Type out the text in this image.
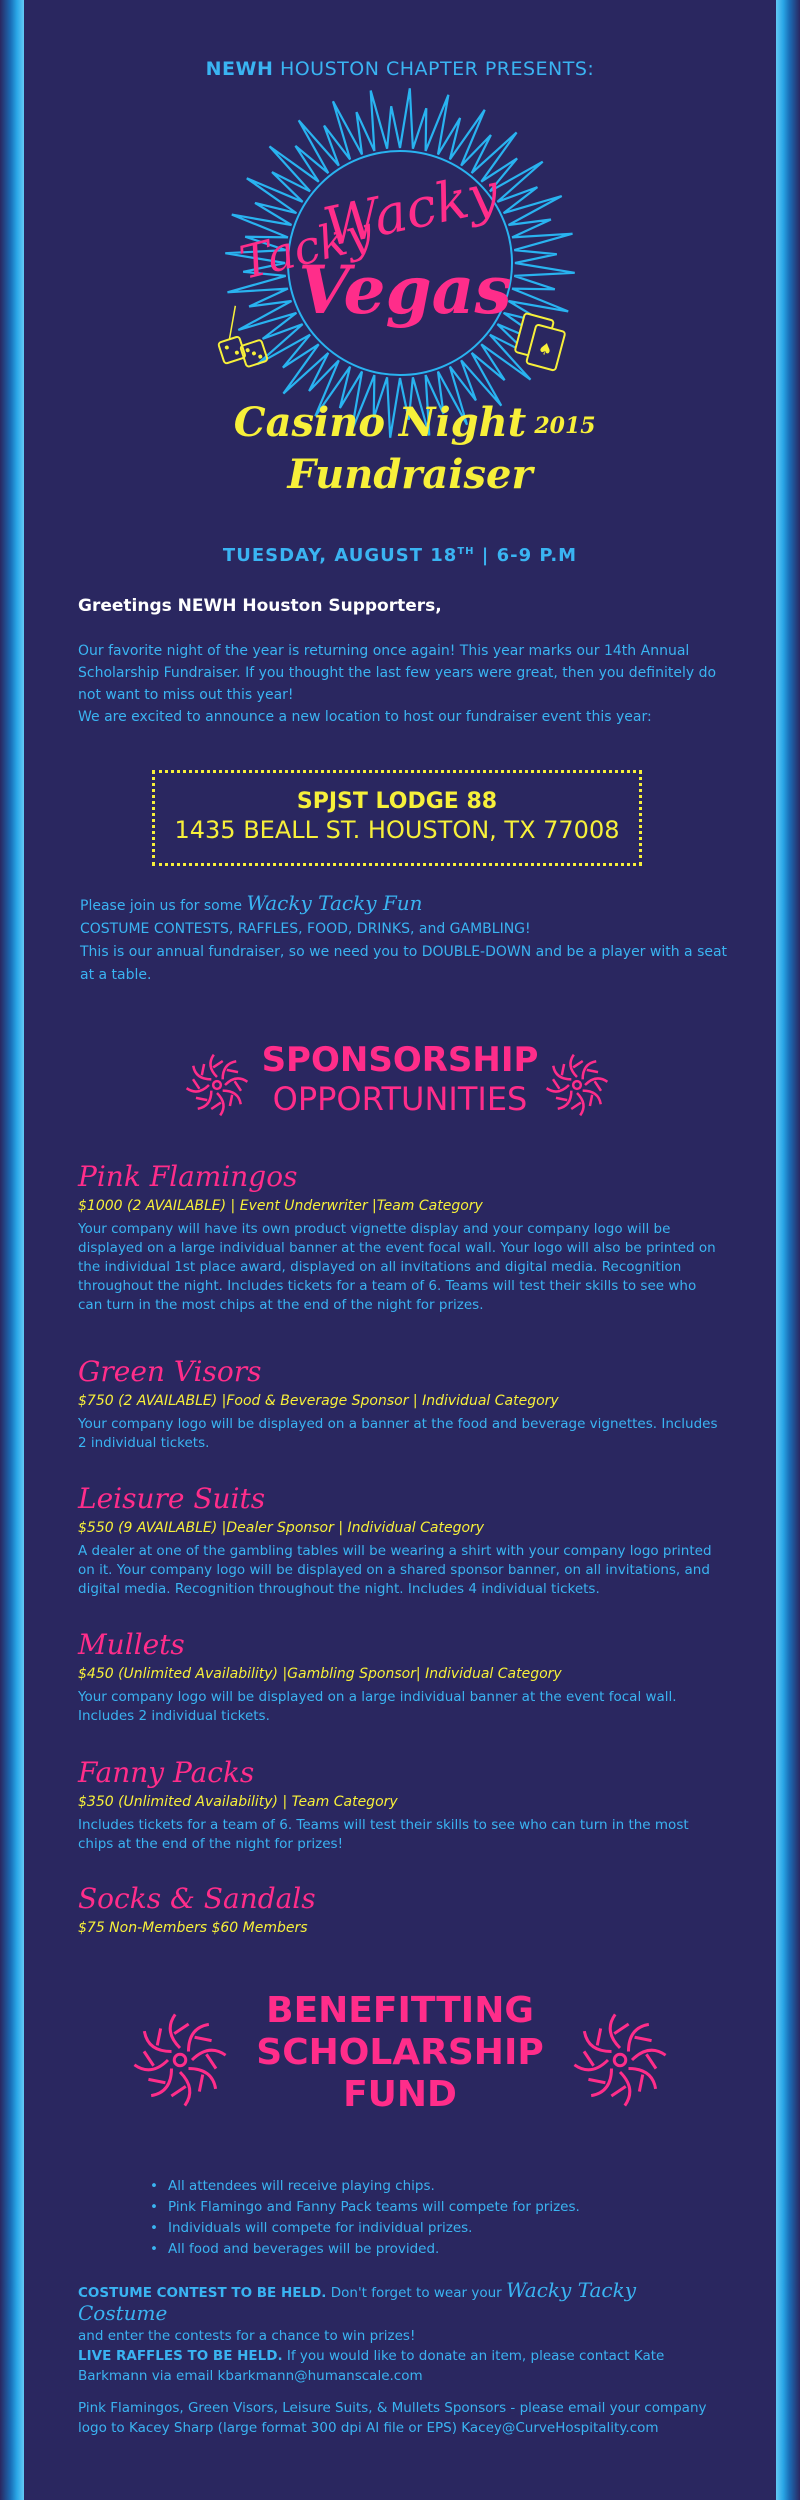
NEWH HOUSTON CHAPTER PRESENTS:
Wacky
Tacky
Vegas
♠
Casino Night 2015
Fundraiser
TUESDAY, AUGUST 18TH | 6-9 P.M
Greetings NEWH Houston Supporters,

Our favorite night of the year is returning once again! This year marks our 14th Annual Scholarship Fundraiser. If you thought the last few years were great, then you definitely do not want to miss out this year!

We are excited to announce a new location to host our fundraiser event this year:

SPJST LODGE 88
1435 BEALL ST. HOUSTON, TX 77008

Please join us for some Wacky Tacky Fun

COSTUME CONTESTS, RAFFLES, FOOD, DRINKS, and GAMBLING!

This is our annual fundraiser, so we need you to DOUBLE-DOWN and be a player with a seat at a table.

SPONSORSHIP
OPPORTUNITIES
Pink Flamingos
$1000 (2 AVAILABLE) | Event Underwriter |Team Category
Your company will have its own product vignette display and your company logo will be displayed on a large individual banner at the event focal wall. Your logo will also be printed on the individual 1st place award, displayed on all invitations and digital media. Recognition throughout the night. Includes tickets for a team of 6. Teams will test their skills to see who can turn in the most chips at the end of the night for prizes.
Green Visors
$750 (2 AVAILABLE) |Food & Beverage Sponsor | Individual Category
Your company logo will be displayed on a banner at the food and beverage vignettes. Includes 2 individual tickets.
Leisure Suits
$550 (9 AVAILABLE) |Dealer Sponsor | Individual Category
A dealer at one of the gambling tables will be wearing a shirt with your company logo printed on it. Your company logo will be displayed on a shared sponsor banner, on all invitations, and digital media. Recognition throughout the night. Includes 4 individual tickets.
Mullets
$450 (Unlimited Availability) |Gambling Sponsor| Individual Category
Your company logo will be displayed on a large individual banner at the event focal wall. Includes 2 individual tickets.
Fanny Packs
$350 (Unlimited Availability) | Team Category
Includes tickets for a team of 6. Teams will test their skills to see who can turn in the most chips at the end of the night for prizes!
Socks & Sandals
$75 Non-Members $60 Members
BENEFITTING
SCHOLARSHIP
FUND
• All attendees will receive playing chips.
• Pink Flamingo and Fanny Pack teams will compete for prizes.
• Individuals will compete for individual prizes.
• All food and beverages will be provided.

COSTUME CONTEST TO BE HELD. Don't forget to wear your Wacky Tacky Costume

and enter the contests for a chance to win prizes!

LIVE RAFFLES TO BE HELD. If you would like to donate an item, please contact Kate Barkmann via email kbarkmann@humanscale.com

Pink Flamingos, Green Visors, Leisure Suits, & Mullets Sponsors - please email your company logo to Kacey Sharp (large format 300 dpi AI file or EPS) Kacey@CurveHospitality.com
